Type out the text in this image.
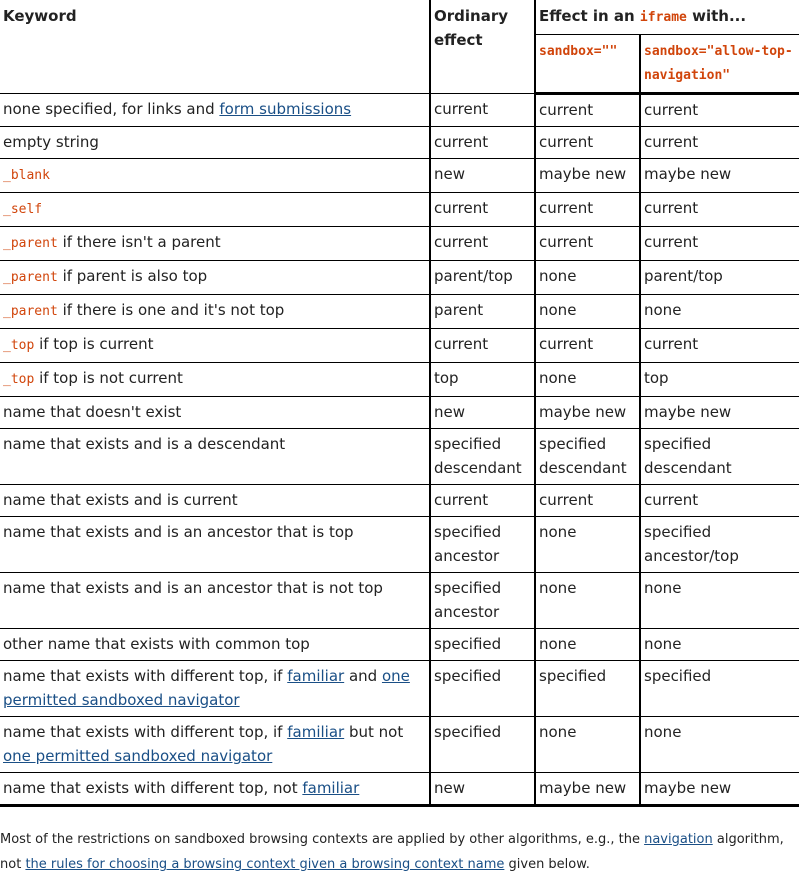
Keyword	Ordinary effect	Effect in an iframe with...	
		sandbox=""	sandbox="allow-top-navigation"
none specified, for links and form submissions	current	current	current
empty string	current	current	current
_blank	new	maybe new	maybe new
_self	current	current	current
_parent if there isn't a parent	current	current	current
_parent if parent is also top	parent/top	none	parent/top
_parent if there is one and it's not top	parent	none	none
_top if top is current	current	current	current
_top if top is not current	top	none	top
name that doesn't exist	new	maybe new	maybe new
name that exists and is a descendant	specified descendant	specified descendant	specified descendant
name that exists and is current	current	current	current
name that exists and is an ancestor that is top	specified ancestor	none	specified ancestor/top
name that exists and is an ancestor that is not top	specified ancestor	none	none
other name that exists with common top	specified	none	none
name that exists with different top, if familiar and one permitted sandboxed navigator	specified	specified	specified
name that exists with different top, if familiar but not one permitted sandboxed navigator	specified	none	none
name that exists with different top, not familiar	new	maybe new	maybe new

Most of the restrictions on sandboxed browsing contexts are applied by other algorithms, e.g., the navigation algorithm, not the rules for choosing a browsing context given a browsing context name given below.
